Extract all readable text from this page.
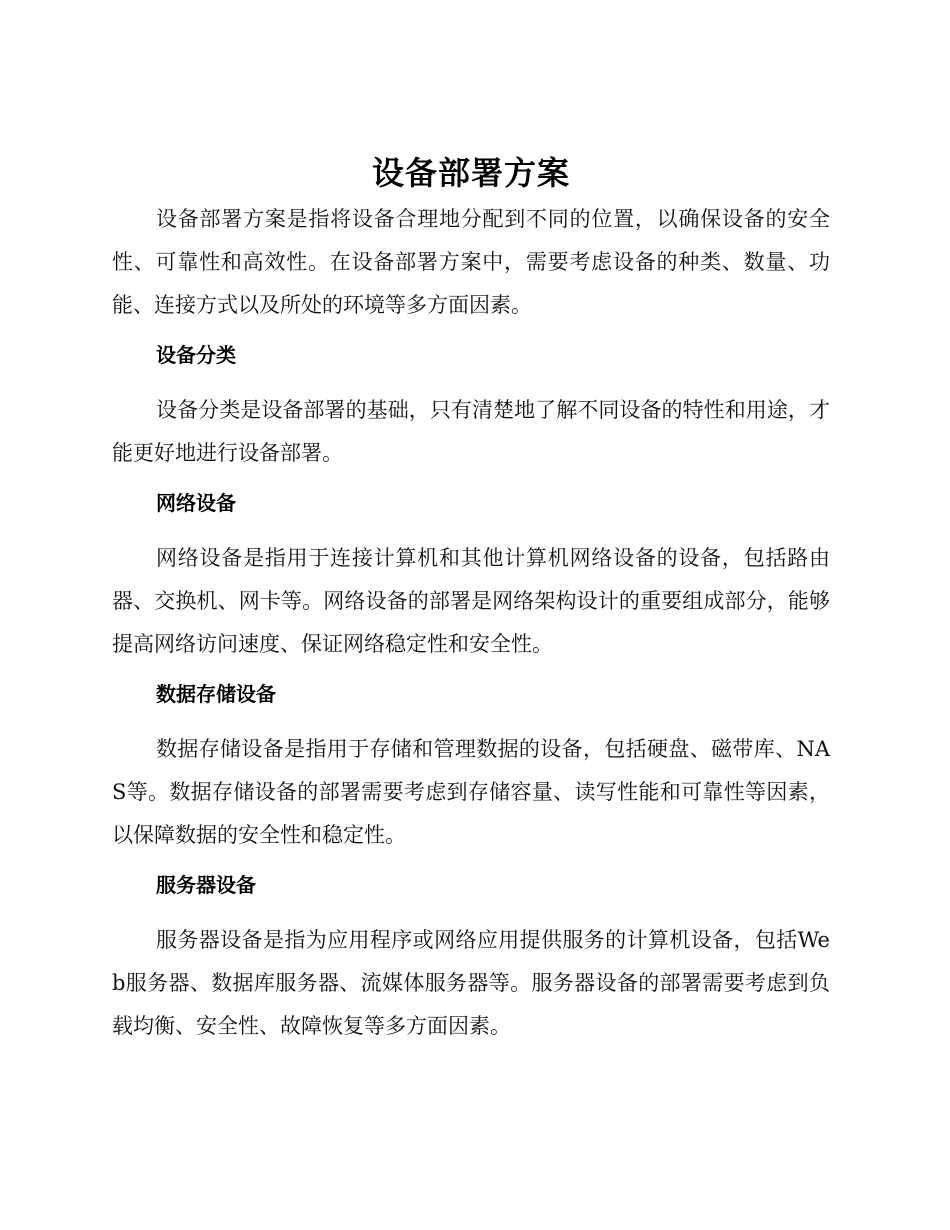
设备部署方案

设备部署方案是指将设备合理地分配到不同的位置，以确保设备的安全性、可靠性和高效性。在设备部署方案中，需要考虑设备的种类、数量、功能、连接方式以及所处的环境等多方面因素。

设备分类

设备分类是设备部署的基础，只有清楚地了解不同设备的特性和用途，才能更好地进行设备部署。

网络设备

网络设备是指用于连接计算机和其他计算机网络设备的设备，包括路由器、交换机、网卡等。网络设备的部署是网络架构设计的重要组成部分，能够提高网络访问速度、保证网络稳定性和安全性。

数据存储设备

数据存储设备是指用于存储和管理数据的设备，包括硬盘、磁带库、NAS等。数据存储设备的部署需要考虑到存储容量、读写性能和可靠性等因素，以保障数据的安全性和稳定性。

服务器设备

服务器设备是指为应用程序或网络应用提供服务的计算机设备，包括Web服务器、数据库服务器、流媒体服务器等。服务器设备的部署需要考虑到负载均衡、安全性、故障恢复等多方面因素。
